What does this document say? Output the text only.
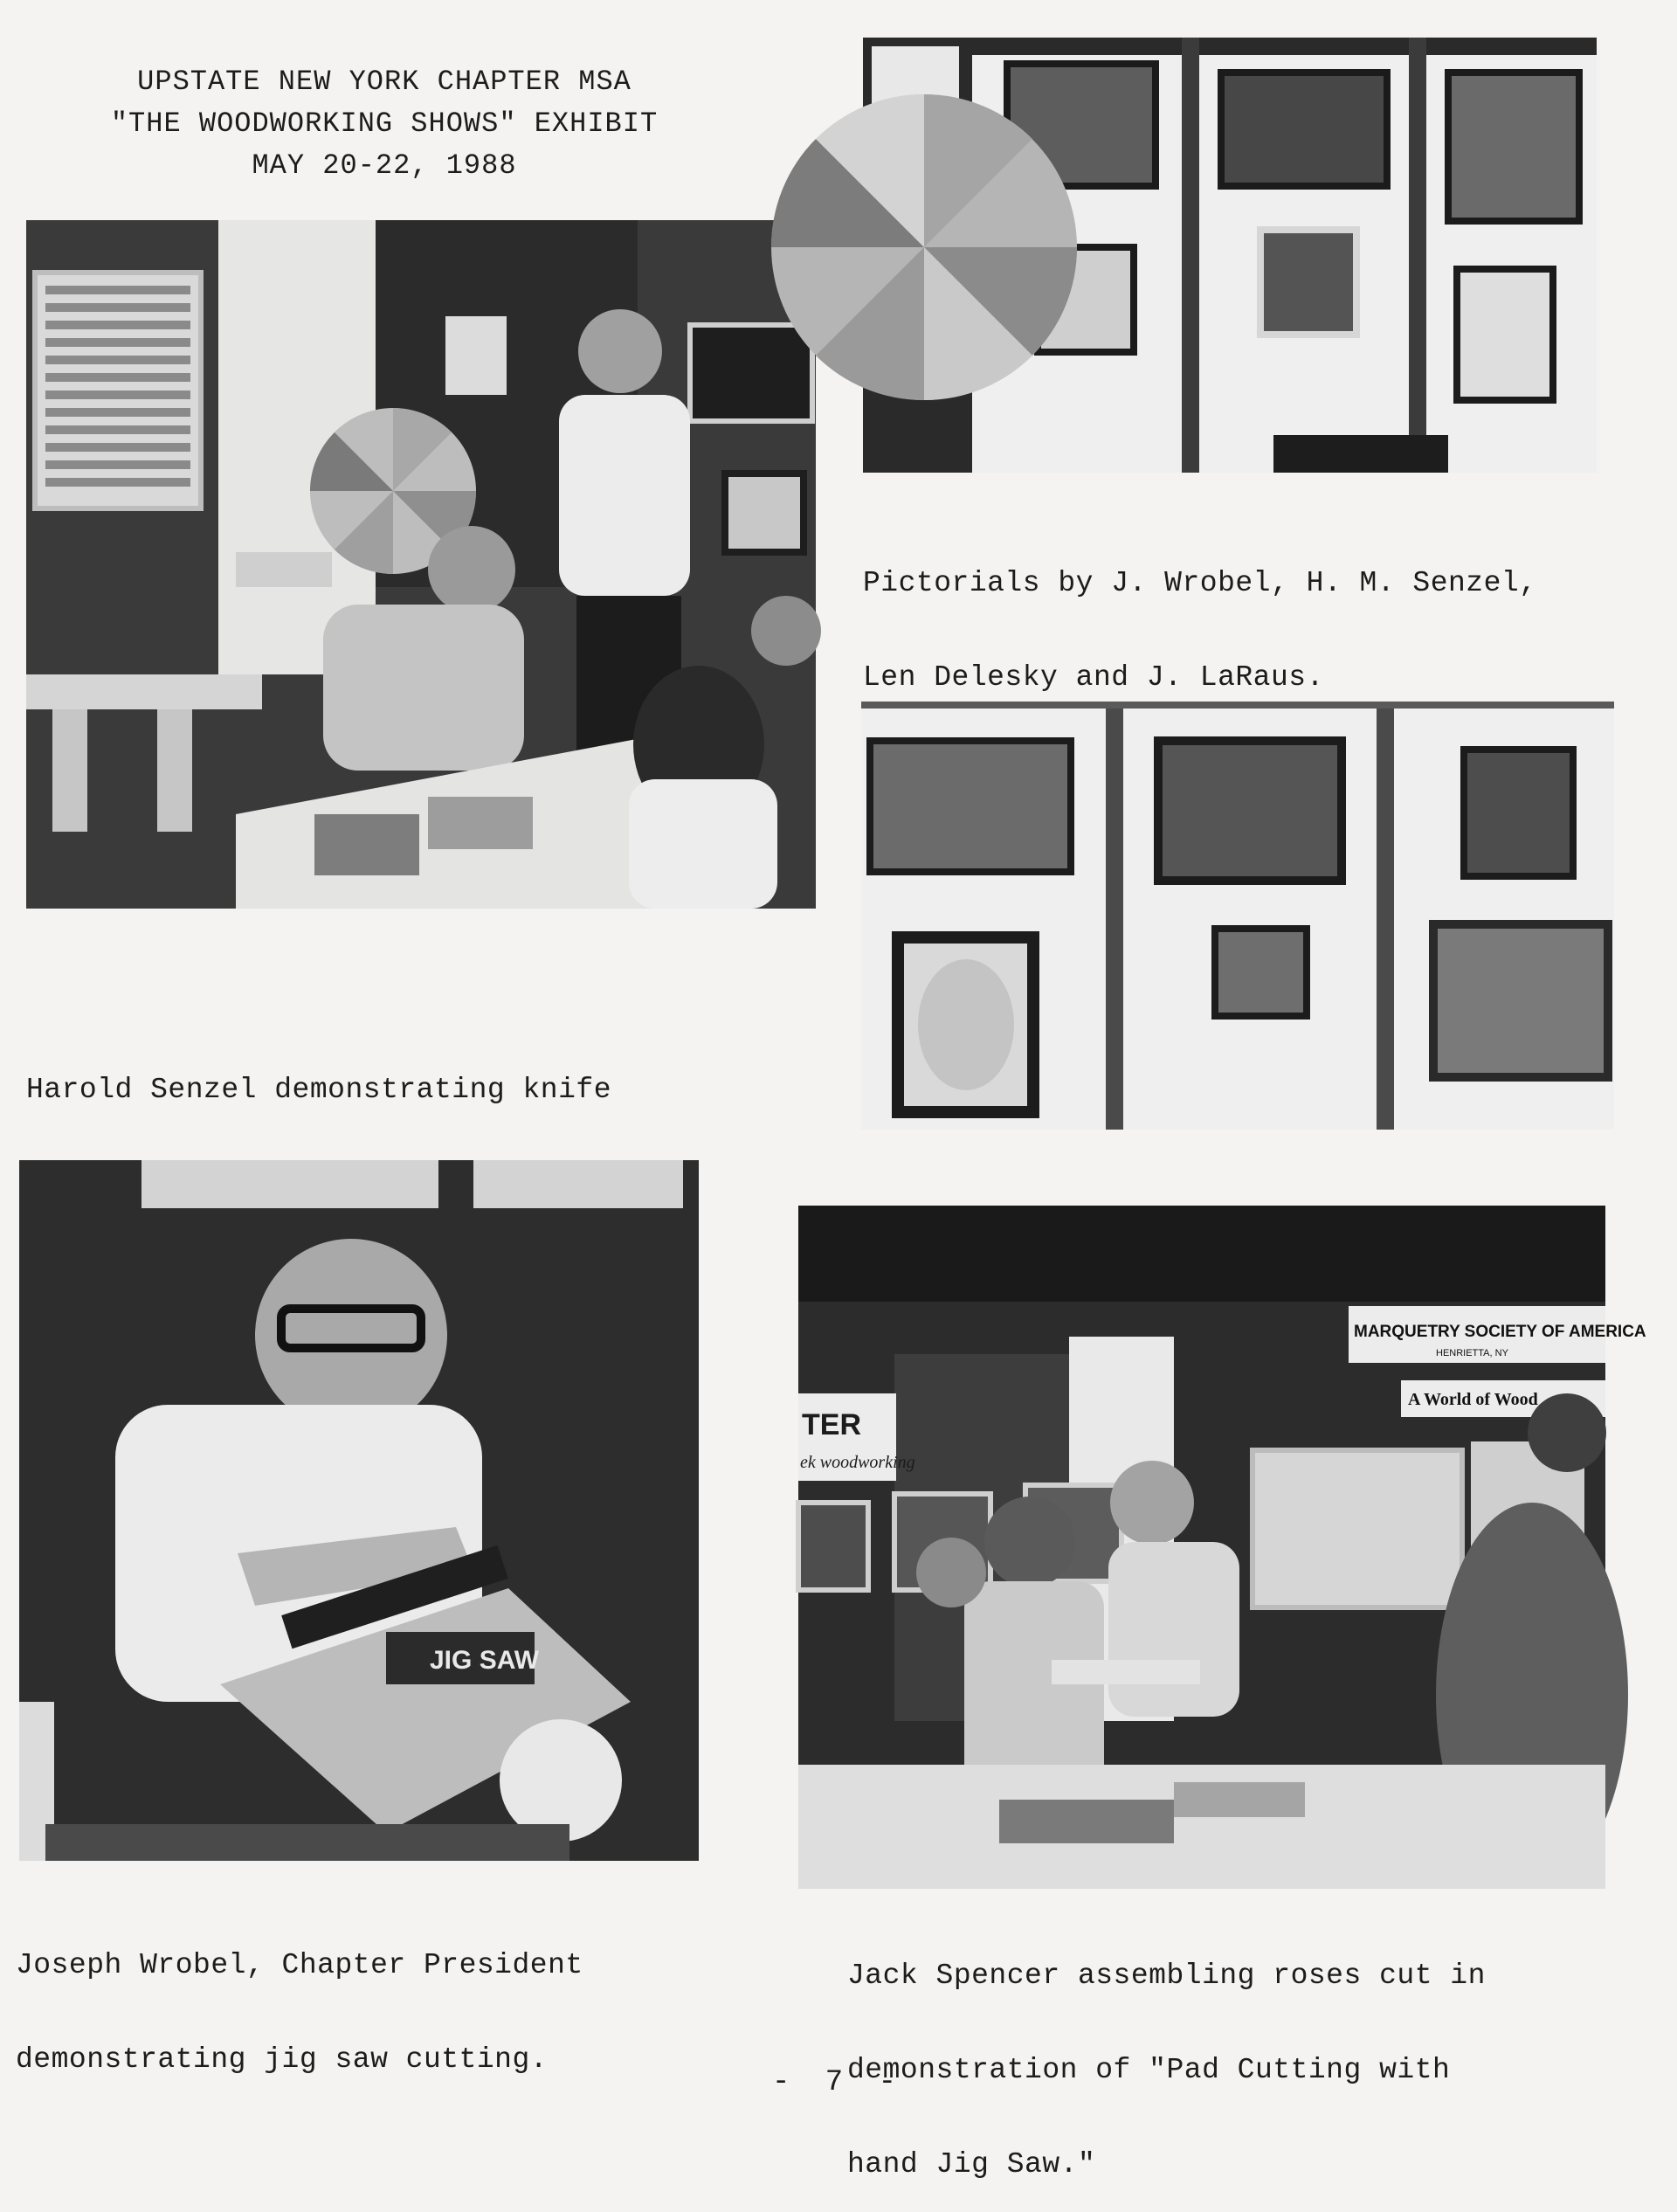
UPSTATE NEW YORK CHAPTER MSA
"THE WOODWORKING SHOWS" EXHIBIT
MAY 20-22, 1988

Harold Senzel demonstrating knife

Pictorials by J. Wrobel, H. M. Senzel,

Len Delesky and J. LaRaus.

JIG SAW

Joseph Wrobel, Chapter President

demonstrating jig saw cutting.

TER
ek woodworking
MARQUETRY SOCIETY OF AMERICA
HENRIETTA, NY
A World of Wood

Jack Spencer assembling roses cut in

demonstration of "Pad Cutting with

hand Jig Saw."

- 7 -
